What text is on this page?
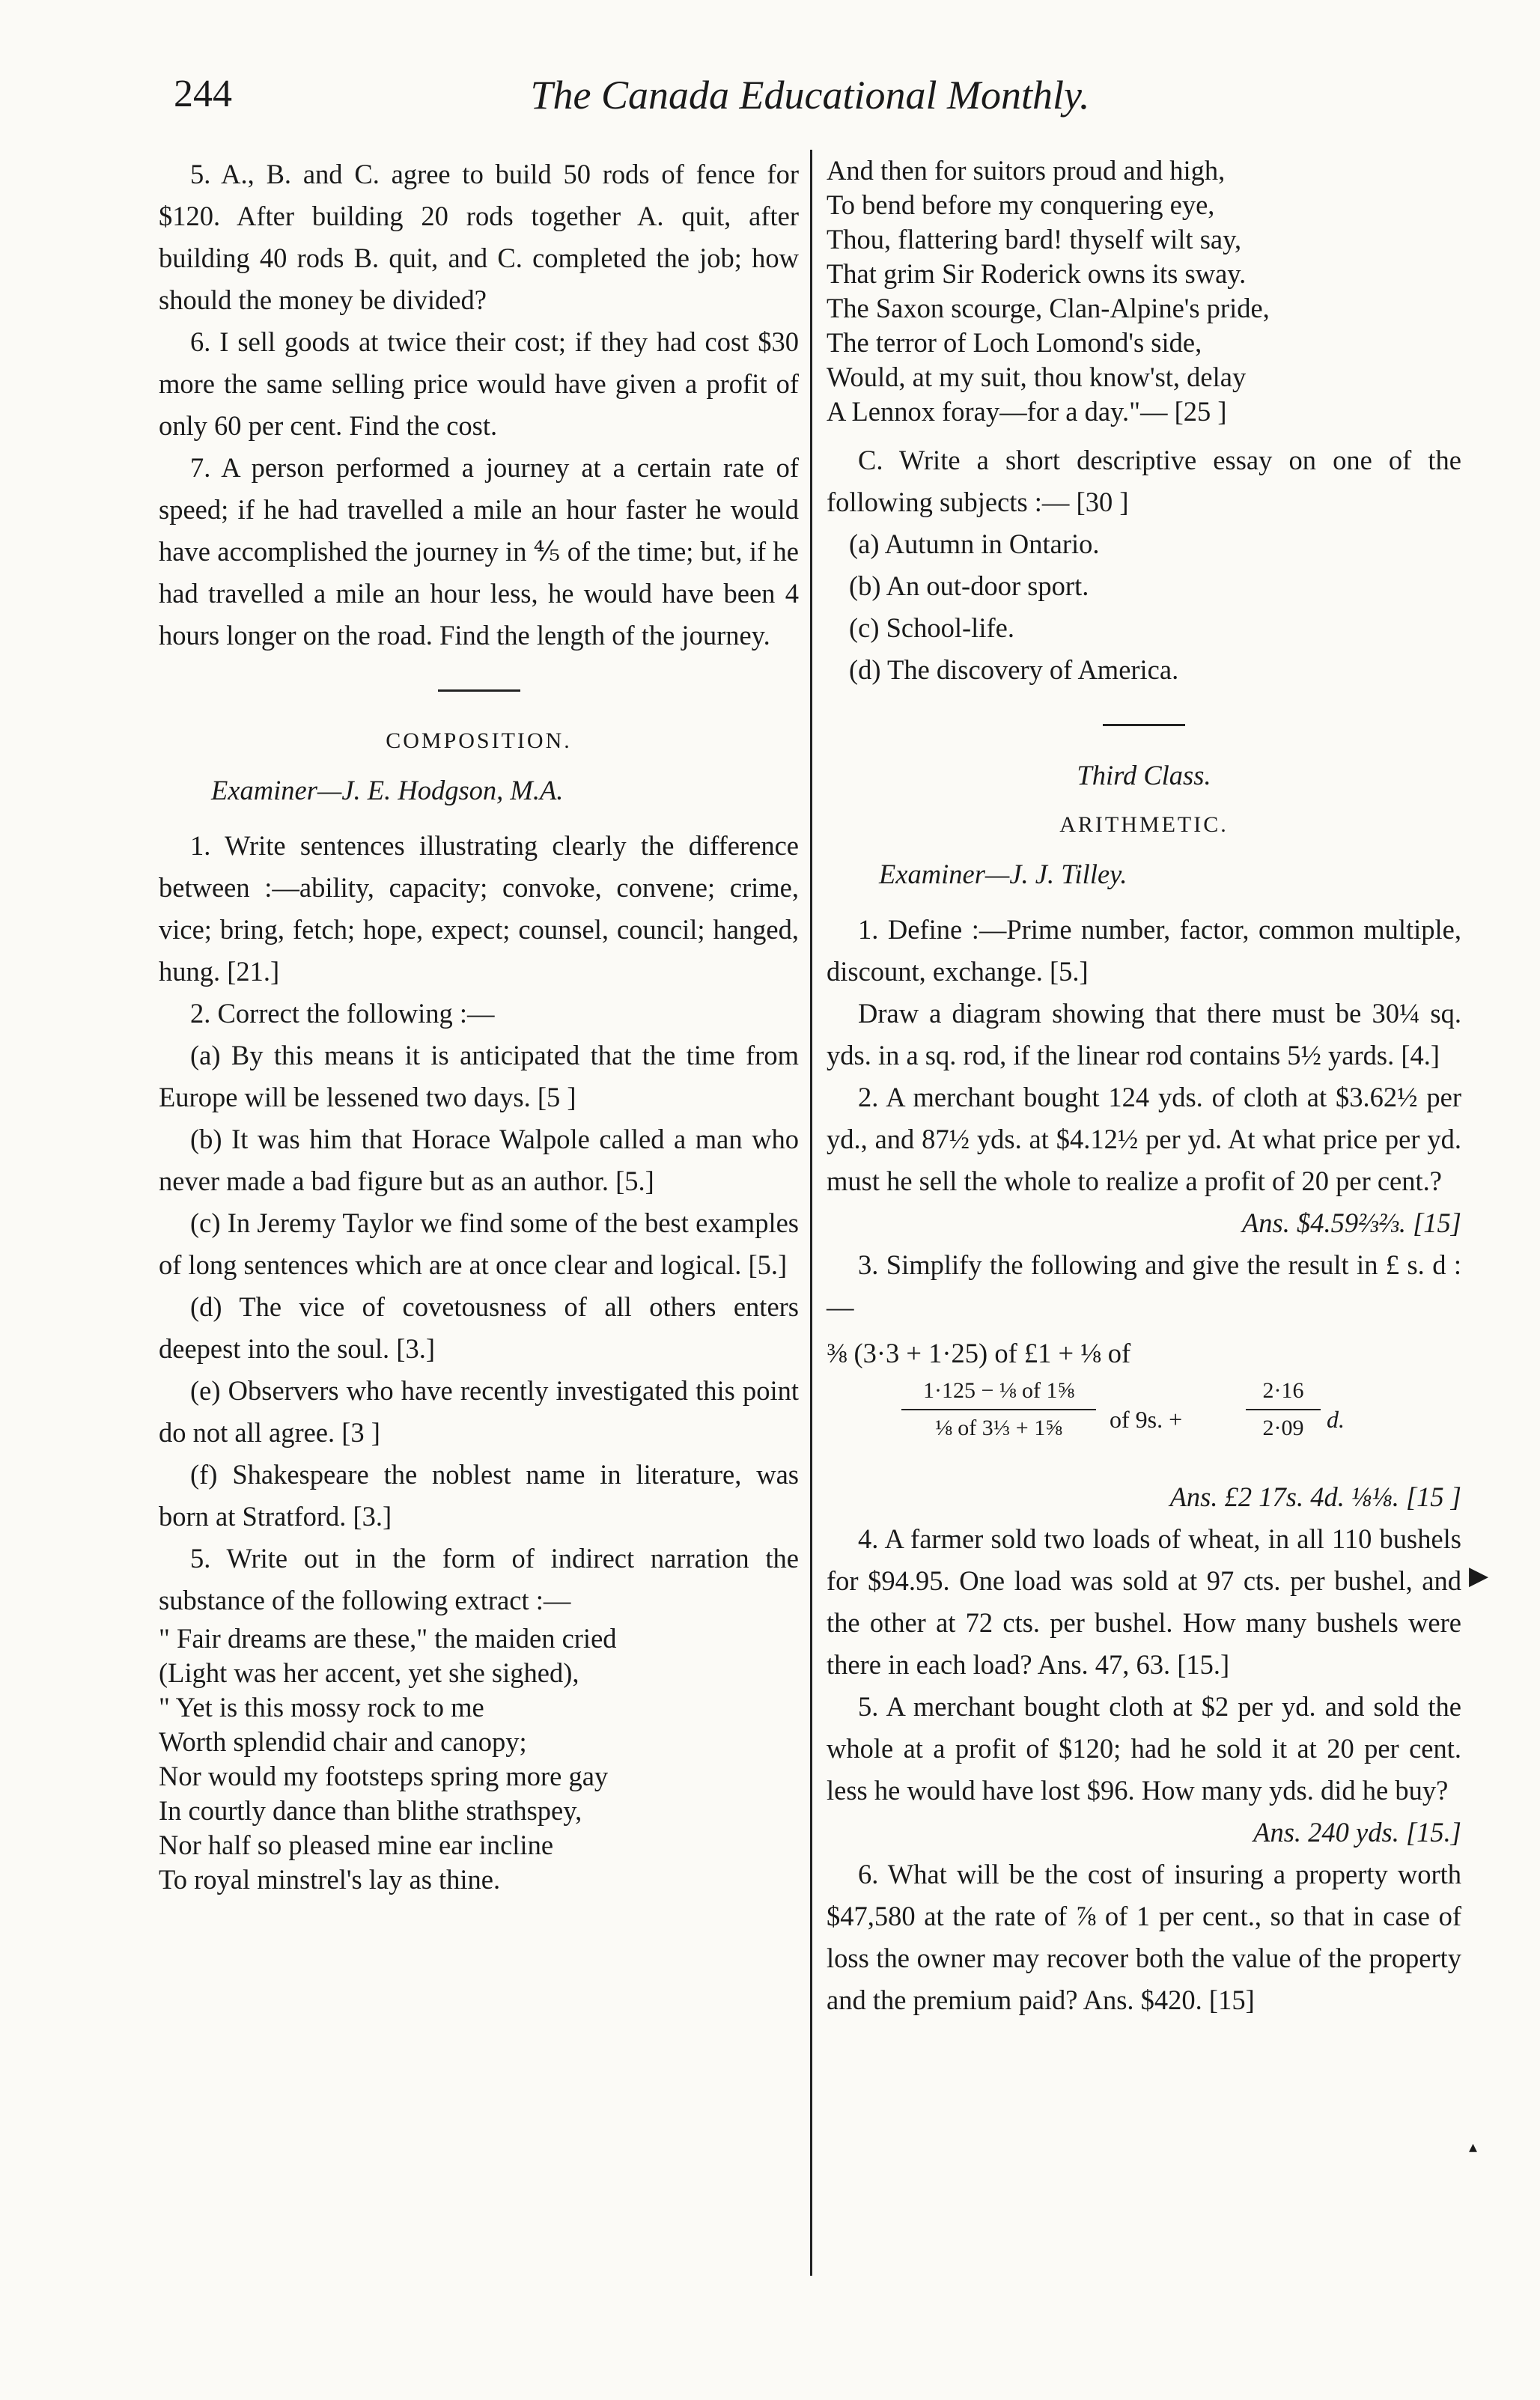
244	The Canada Educational Monthly.

5. A., B. and C. agree to build 50 rods of fence for $120. After building 20 rods together A. quit, after building 40 rods B. quit, and C. completed the job; how should the money be divided?

6. I sell goods at twice their cost; if they had cost $30 more the same selling price would have given a profit of only 60 per cent. Find the cost.

7. A person performed a journey at a certain rate of speed; if he had travelled a mile an hour faster he would have accomplished the journey in ⅘ of the time; but, if he had travelled a mile an hour less, he would have been 4 hours longer on the road. Find the length of the journey.

COMPOSITION.

Examiner—J. E. Hodgson, M.A.

1. Write sentences illustrating clearly the difference between :—ability, capacity; convoke, convene; crime, vice; bring, fetch; hope, expect; counsel, council; hanged, hung. [21.]

2. Correct the following :—

(a) By this means it is anticipated that the time from Europe will be lessened two days. [5 ]

(b) It was him that Horace Walpole called a man who never made a bad figure but as an author. [5.]

(c) In Jeremy Taylor we find some of the best examples of long sentences which are at once clear and logical. [5.]

(d) The vice of covetousness of all others enters deepest into the soul. [3.]

(e) Observers who have recently investigated this point do not all agree. [3 ]

(f) Shakespeare the noblest name in literature, was born at Stratford. [3.]

5. Write out in the form of indirect narration the substance of the following extract :—

" Fair dreams are these," the maiden cried

(Light was her accent, yet she sighed),

" Yet is this mossy rock to me

Worth splendid chair and canopy;

Nor would my footsteps spring more gay

In courtly dance than blithe strathspey,

Nor half so pleased mine ear incline

To royal minstrel's lay as thine.

And then for suitors proud and high,

To bend before my conquering eye,

Thou, flattering bard! thyself wilt say,

That grim Sir Roderick owns its sway.

The Saxon scourge, Clan-Alpine's pride,

The terror of Loch Lomond's side,

Would, at my suit, thou know'st, delay

A Lennox foray—for a day."— [25 ]

C. Write a short descriptive essay on one of the following subjects :— [30 ]

(a) Autumn in Ontario.

(b) An out-door sport.

(c) School-life.

(d) The discovery of America.

Third Class.

ARITHMETIC.

Examiner—J. J. Tilley.

1. Define :—Prime number, factor, common multiple, discount, exchange. [5.]

Draw a diagram showing that there must be 30¼ sq. yds. in a sq. rod, if the linear rod contains 5½ yards. [4.]

2. A merchant bought 124 yds. of cloth at $3.62½ per yd., and 87½ yds. at $4.12½ per yd. At what price per yd. must he sell the whole to realize a profit of 20 per cent.?

Ans. $4.59⅔⅔. [15]

3. Simplify the following and give the result in £ s. d :—

⅜ (3·3 + 1·25) of £1 + ⅛ of

1·125 − ⅛ of 1⅝
⅛ of 3⅓ + 1⅝	of 9s. +
2·16
2·09 d.

Ans. £2 17s. 4d. ⅛⅛. [15 ]

4. A farmer sold two loads of wheat, in all 110 bushels for $94.95. One load was sold at 97 cts. per bushel, and the other at 72 cts. per bushel. How many bushels were there in each load? Ans. 47, 63. [15.]

5. A merchant bought cloth at $2 per yd. and sold the whole at a profit of $120; had he sold it at 20 per cent. less he would have lost $96. How many yds. did he buy?

Ans. 240 yds. [15.]

6. What will be the cost of insuring a property worth $47,580 at the rate of ⅞ of 1 per cent., so that in case of loss the owner may recover both the value of the property and the premium paid? Ans. $420. [15]

▶
▴
